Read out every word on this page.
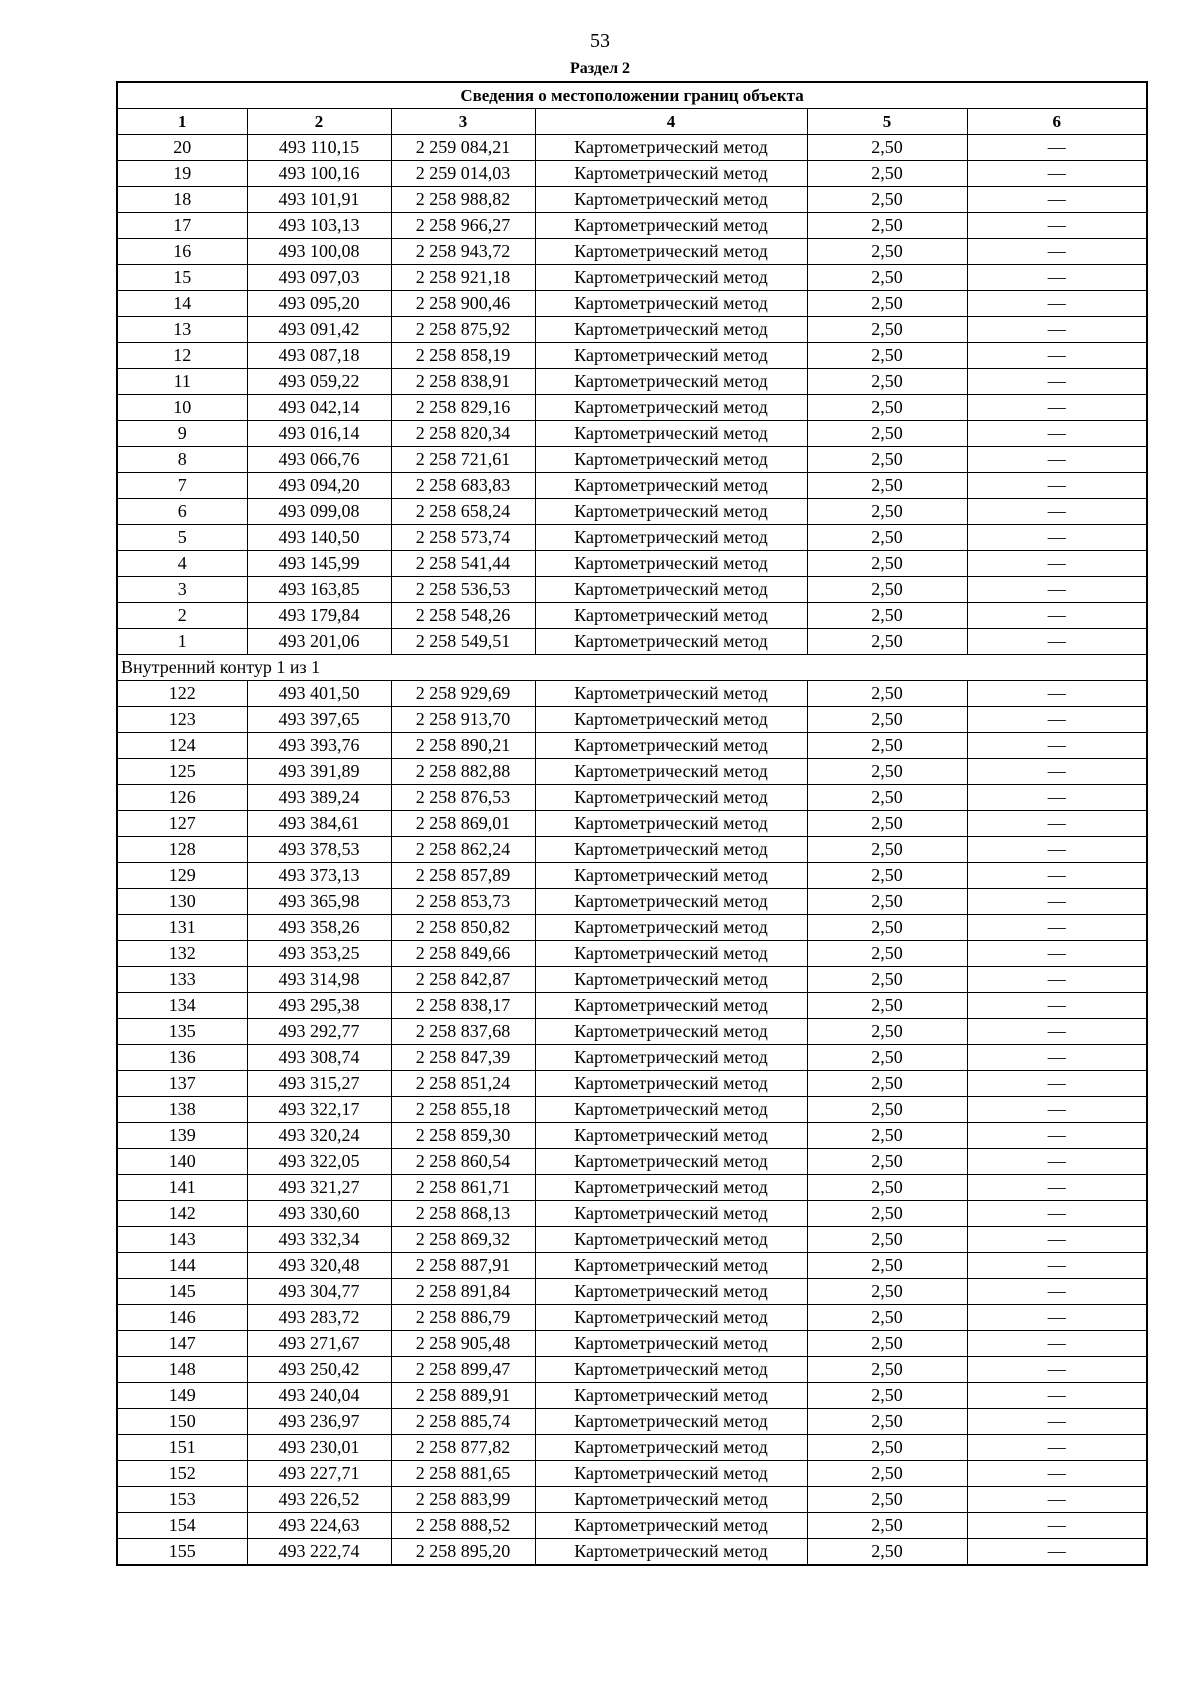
53
Раздел 2
Сведения о местоположении границ объекта					
1	2	3	4	5	6
20	493 110,15	2 259 084,21	Картометрический метод	2,50	—
19	493 100,16	2 259 014,03	Картометрический метод	2,50	—
18	493 101,91	2 258 988,82	Картометрический метод	2,50	—
17	493 103,13	2 258 966,27	Картометрический метод	2,50	—
16	493 100,08	2 258 943,72	Картометрический метод	2,50	—
15	493 097,03	2 258 921,18	Картометрический метод	2,50	—
14	493 095,20	2 258 900,46	Картометрический метод	2,50	—
13	493 091,42	2 258 875,92	Картометрический метод	2,50	—
12	493 087,18	2 258 858,19	Картометрический метод	2,50	—
11	493 059,22	2 258 838,91	Картометрический метод	2,50	—
10	493 042,14	2 258 829,16	Картометрический метод	2,50	—
9	493 016,14	2 258 820,34	Картометрический метод	2,50	—
8	493 066,76	2 258 721,61	Картометрический метод	2,50	—
7	493 094,20	2 258 683,83	Картометрический метод	2,50	—
6	493 099,08	2 258 658,24	Картометрический метод	2,50	—
5	493 140,50	2 258 573,74	Картометрический метод	2,50	—
4	493 145,99	2 258 541,44	Картометрический метод	2,50	—
3	493 163,85	2 258 536,53	Картометрический метод	2,50	—
2	493 179,84	2 258 548,26	Картометрический метод	2,50	—
1	493 201,06	2 258 549,51	Картометрический метод	2,50	—
Внутренний контур 1 из 1					
122	493 401,50	2 258 929,69	Картометрический метод	2,50	—
123	493 397,65	2 258 913,70	Картометрический метод	2,50	—
124	493 393,76	2 258 890,21	Картометрический метод	2,50	—
125	493 391,89	2 258 882,88	Картометрический метод	2,50	—
126	493 389,24	2 258 876,53	Картометрический метод	2,50	—
127	493 384,61	2 258 869,01	Картометрический метод	2,50	—
128	493 378,53	2 258 862,24	Картометрический метод	2,50	—
129	493 373,13	2 258 857,89	Картометрический метод	2,50	—
130	493 365,98	2 258 853,73	Картометрический метод	2,50	—
131	493 358,26	2 258 850,82	Картометрический метод	2,50	—
132	493 353,25	2 258 849,66	Картометрический метод	2,50	—
133	493 314,98	2 258 842,87	Картометрический метод	2,50	—
134	493 295,38	2 258 838,17	Картометрический метод	2,50	—
135	493 292,77	2 258 837,68	Картометрический метод	2,50	—
136	493 308,74	2 258 847,39	Картометрический метод	2,50	—
137	493 315,27	2 258 851,24	Картометрический метод	2,50	—
138	493 322,17	2 258 855,18	Картометрический метод	2,50	—
139	493 320,24	2 258 859,30	Картометрический метод	2,50	—
140	493 322,05	2 258 860,54	Картометрический метод	2,50	—
141	493 321,27	2 258 861,71	Картометрический метод	2,50	—
142	493 330,60	2 258 868,13	Картометрический метод	2,50	—
143	493 332,34	2 258 869,32	Картометрический метод	2,50	—
144	493 320,48	2 258 887,91	Картометрический метод	2,50	—
145	493 304,77	2 258 891,84	Картометрический метод	2,50	—
146	493 283,72	2 258 886,79	Картометрический метод	2,50	—
147	493 271,67	2 258 905,48	Картометрический метод	2,50	—
148	493 250,42	2 258 899,47	Картометрический метод	2,50	—
149	493 240,04	2 258 889,91	Картометрический метод	2,50	—
150	493 236,97	2 258 885,74	Картометрический метод	2,50	—
151	493 230,01	2 258 877,82	Картометрический метод	2,50	—
152	493 227,71	2 258 881,65	Картометрический метод	2,50	—
153	493 226,52	2 258 883,99	Картометрический метод	2,50	—
154	493 224,63	2 258 888,52	Картометрический метод	2,50	—
155	493 222,74	2 258 895,20	Картометрический метод	2,50	—
